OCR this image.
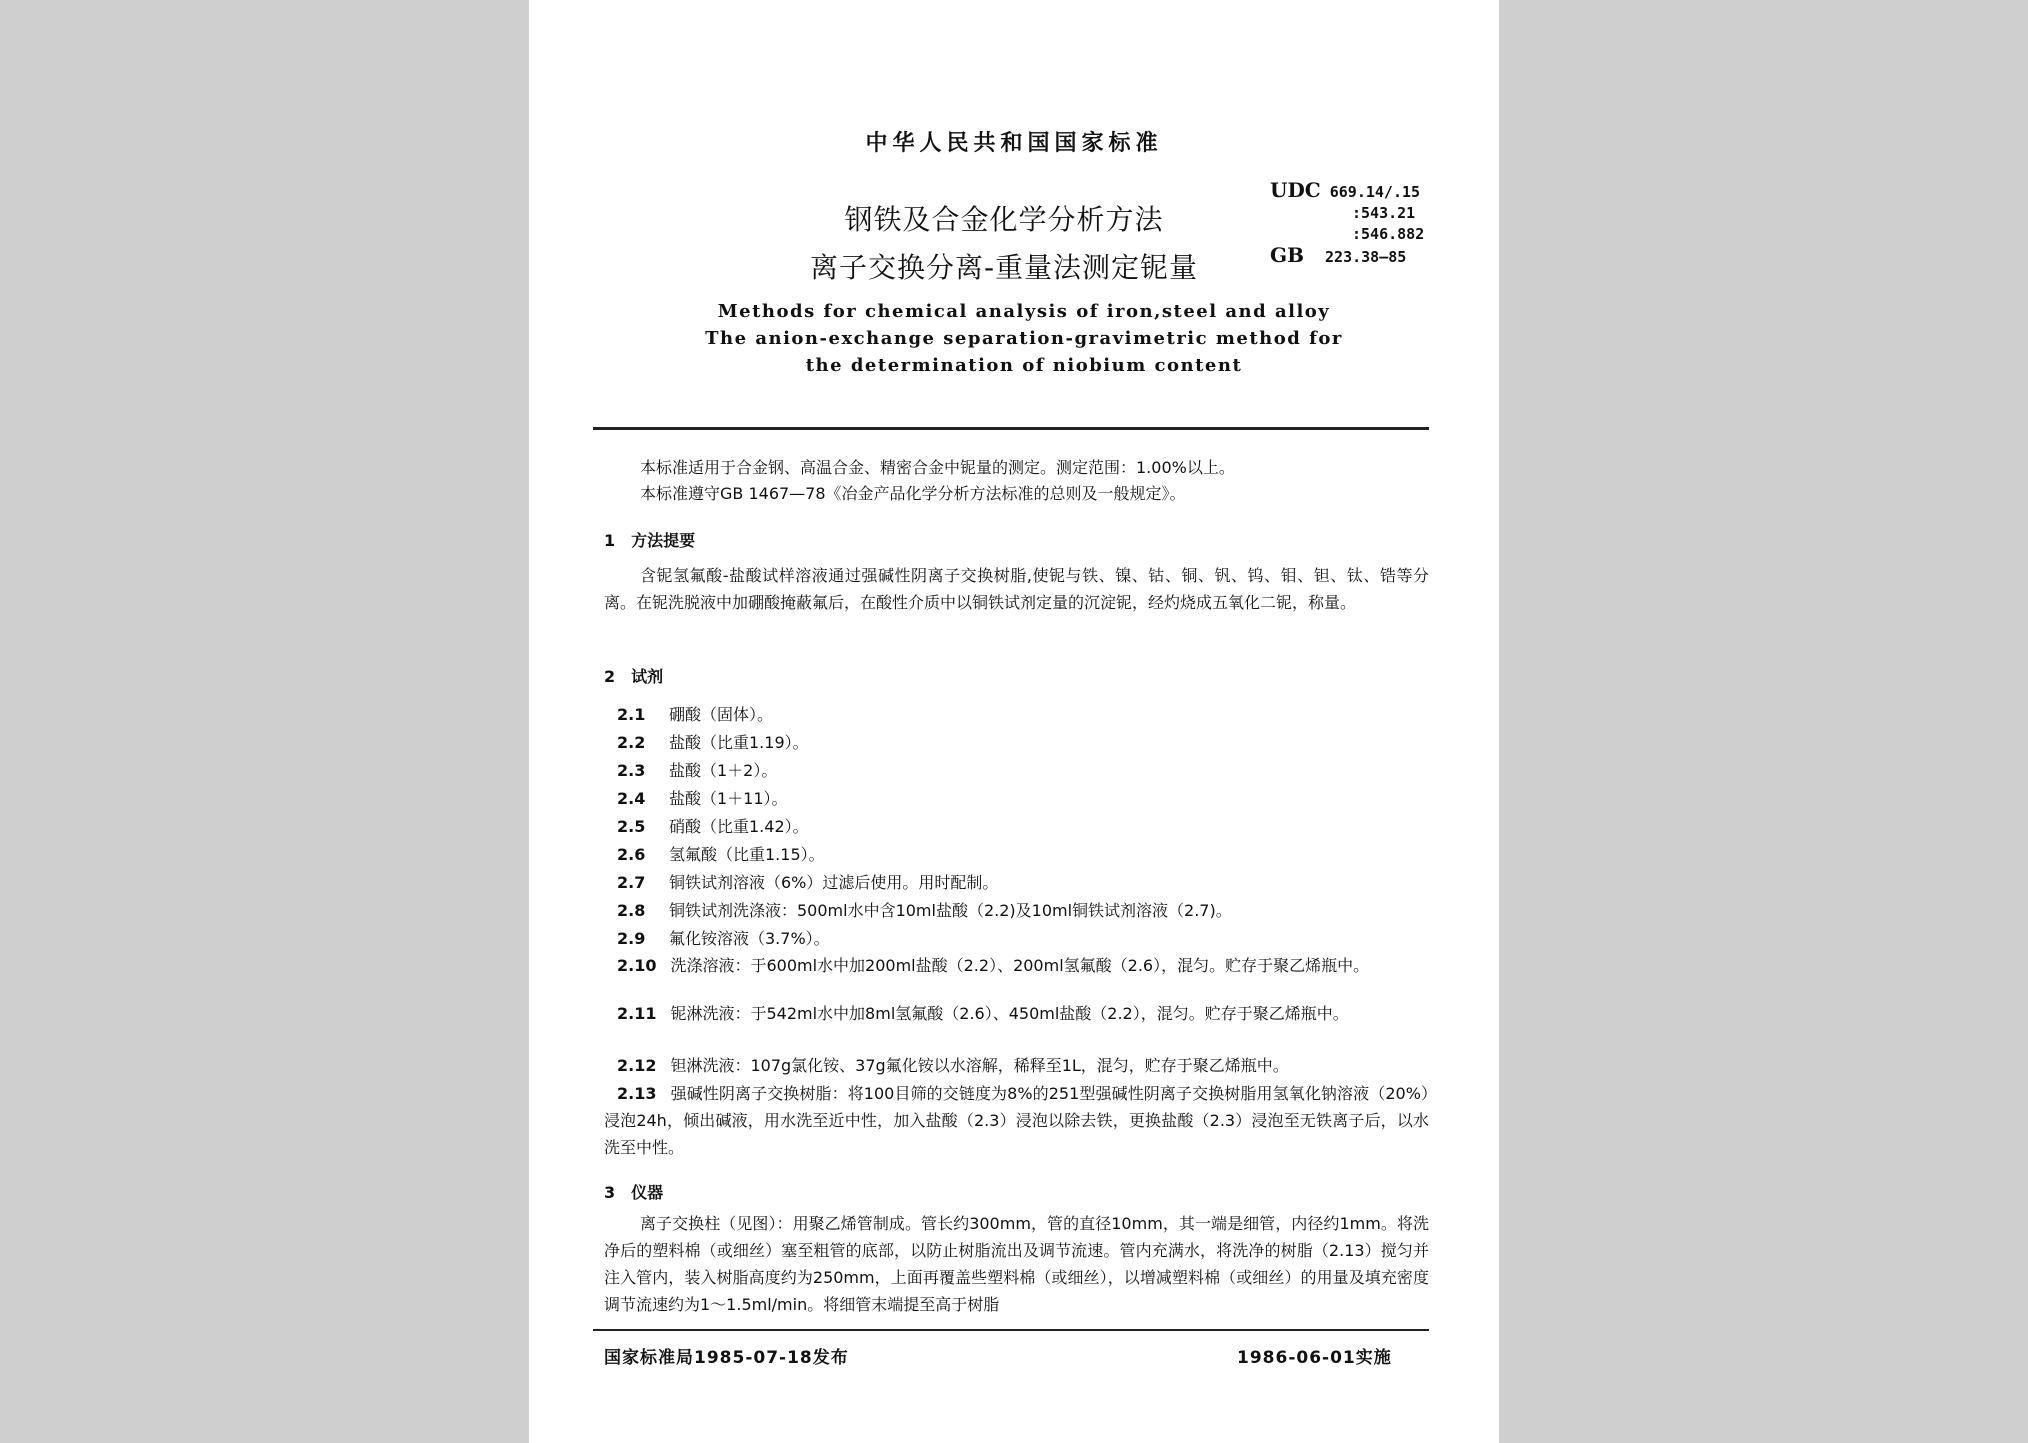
中华人民共和国国家标准
钢铁及合金化学分析方法
离子交换分离-重量法测定铌量
UDC 669.14/.15
:543.21
:546.882
GB 223.38—85
Methods for chemical analysis of iron,steel and alloy
The anion-exchange separation-gravimetric method for
the determination of niobium content

本标准适用于合金钢、高温合金、精密合金中铌量的测定。测定范围：1.00%以上。

本标准遵守GB 1467—78《冶金产品化学分析方法标准的总则及一般规定》。

1　方法提要

含铌氢氟酸-盐酸试样溶液通过强碱性阴离子交换树脂,使铌与铁、镍、钴、铜、钒、钨、钼、钽、钛、锆等分离。在铌洗脱液中加硼酸掩蔽氟后，在酸性介质中以铜铁试剂定量的沉淀铌，经灼烧成五氧化二铌，称量。

2　试剂
2.1 硼酸（固体）。
2.2 盐酸（比重1.19）。
2.3 盐酸（1＋2）。
2.4 盐酸（1＋11）。
2.5 硝酸（比重1.42）。
2.6 氢氟酸（比重1.15）。
2.7 铜铁试剂溶液（6%）过滤后使用。用时配制。
2.8 铜铁试剂洗涤液：500ml水中含10ml盐酸（2.2)及10ml铜铁试剂溶液（2.7)。
2.9 氟化铵溶液（3.7%）。
2.10 洗涤溶液：于600ml水中加200ml盐酸（2.2）、200ml氢氟酸（2.6），混匀。贮存于聚乙烯瓶中。
2.11 铌淋洗液：于542ml水中加8ml氢氟酸（2.6）、450ml盐酸（2.2），混匀。贮存于聚乙烯瓶中。
2.12 钽淋洗液：107g氯化铵、37g氟化铵以水溶解，稀释至1L，混匀，贮存于聚乙烯瓶中。
2.13 强碱性阴离子交换树脂：将100目筛的交链度为8%的251型强碱性阴离子交换树脂用氢氧化钠溶液（20%）浸泡24h，倾出碱液，用水洗至近中性，加入盐酸（2.3）浸泡以除去铁，更换盐酸（2.3）浸泡至无铁离子后，以水洗至中性。
3　仪器

离子交换柱（见图）：用聚乙烯管制成。管长约300mm，管的直径10mm，其一端是细管，内径约1mm。将洗净后的塑料棉（或细丝）塞至粗管的底部，以防止树脂流出及调节流速。管内充满水，将洗净的树脂（2.13）搅匀并注入管内，装入树脂高度约为250mm，上面再覆盖些塑料棉（或细丝），以增减塑料棉（或细丝）的用量及填充密度调节流速约为1～1.5ml/min。将细管末端提至高于树脂

国家标准局1985-07-18发布	1986-06-01实施
